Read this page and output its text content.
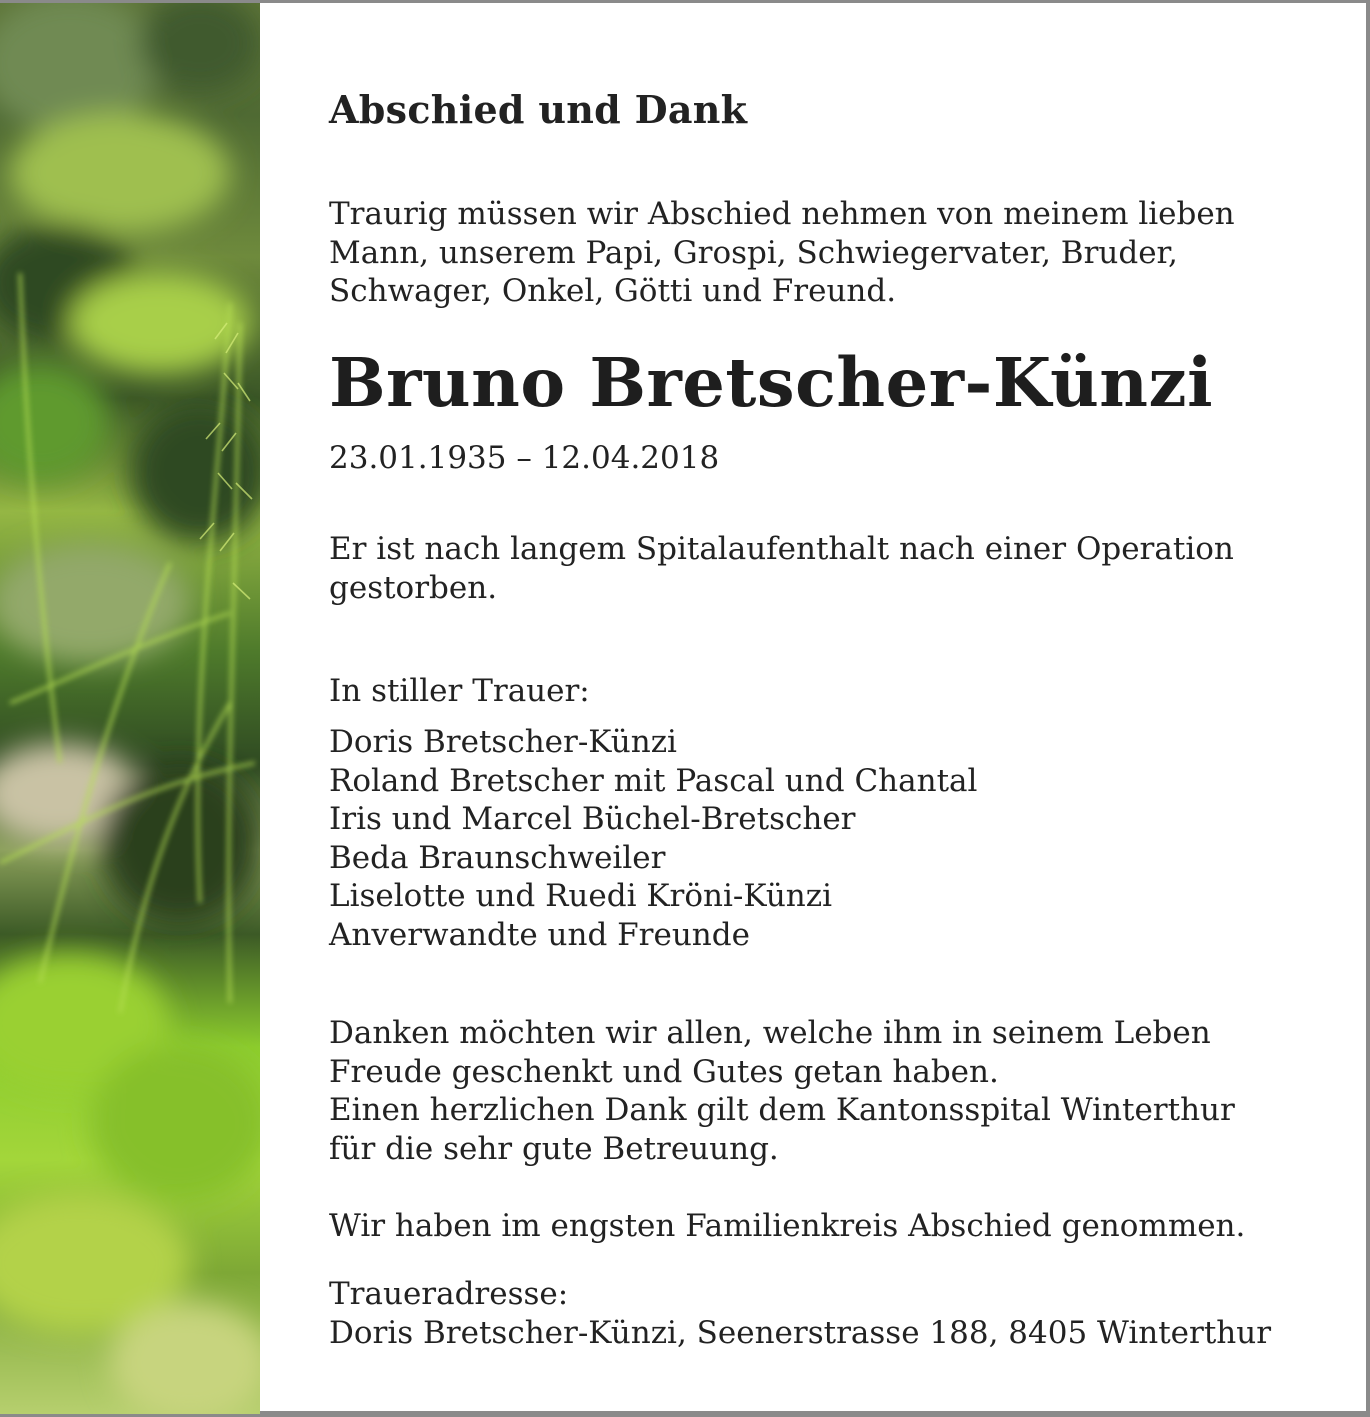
Abschied und Dank
Traurig müssen wir Abschied nehmen von meinem lieben
Mann, unserem Papi, Grospi, Schwiegervater, Bruder,
Schwager, Onkel, Götti und Freund.
Bruno Bretscher-Künzi
23.01.1935 – 12.04.2018
Er ist nach langem Spitalaufenthalt nach einer Operation
gestorben.
In stiller Trauer:
Doris Bretscher-Künzi
Roland Bretscher mit Pascal und Chantal
Iris und Marcel Büchel-Bretscher
Beda Braunschweiler
Liselotte und Ruedi Kröni-Künzi
Anverwandte und Freunde
Danken möchten wir allen, welche ihm in seinem Leben
Freude geschenkt und Gutes getan haben.
Einen herzlichen Dank gilt dem Kantonsspital Winterthur
für die sehr gute Betreuung.
Wir haben im engsten Familienkreis Abschied genommen.
Traueradresse:
Doris Bretscher-Künzi, Seenerstrasse 188, 8405 Winterthur
